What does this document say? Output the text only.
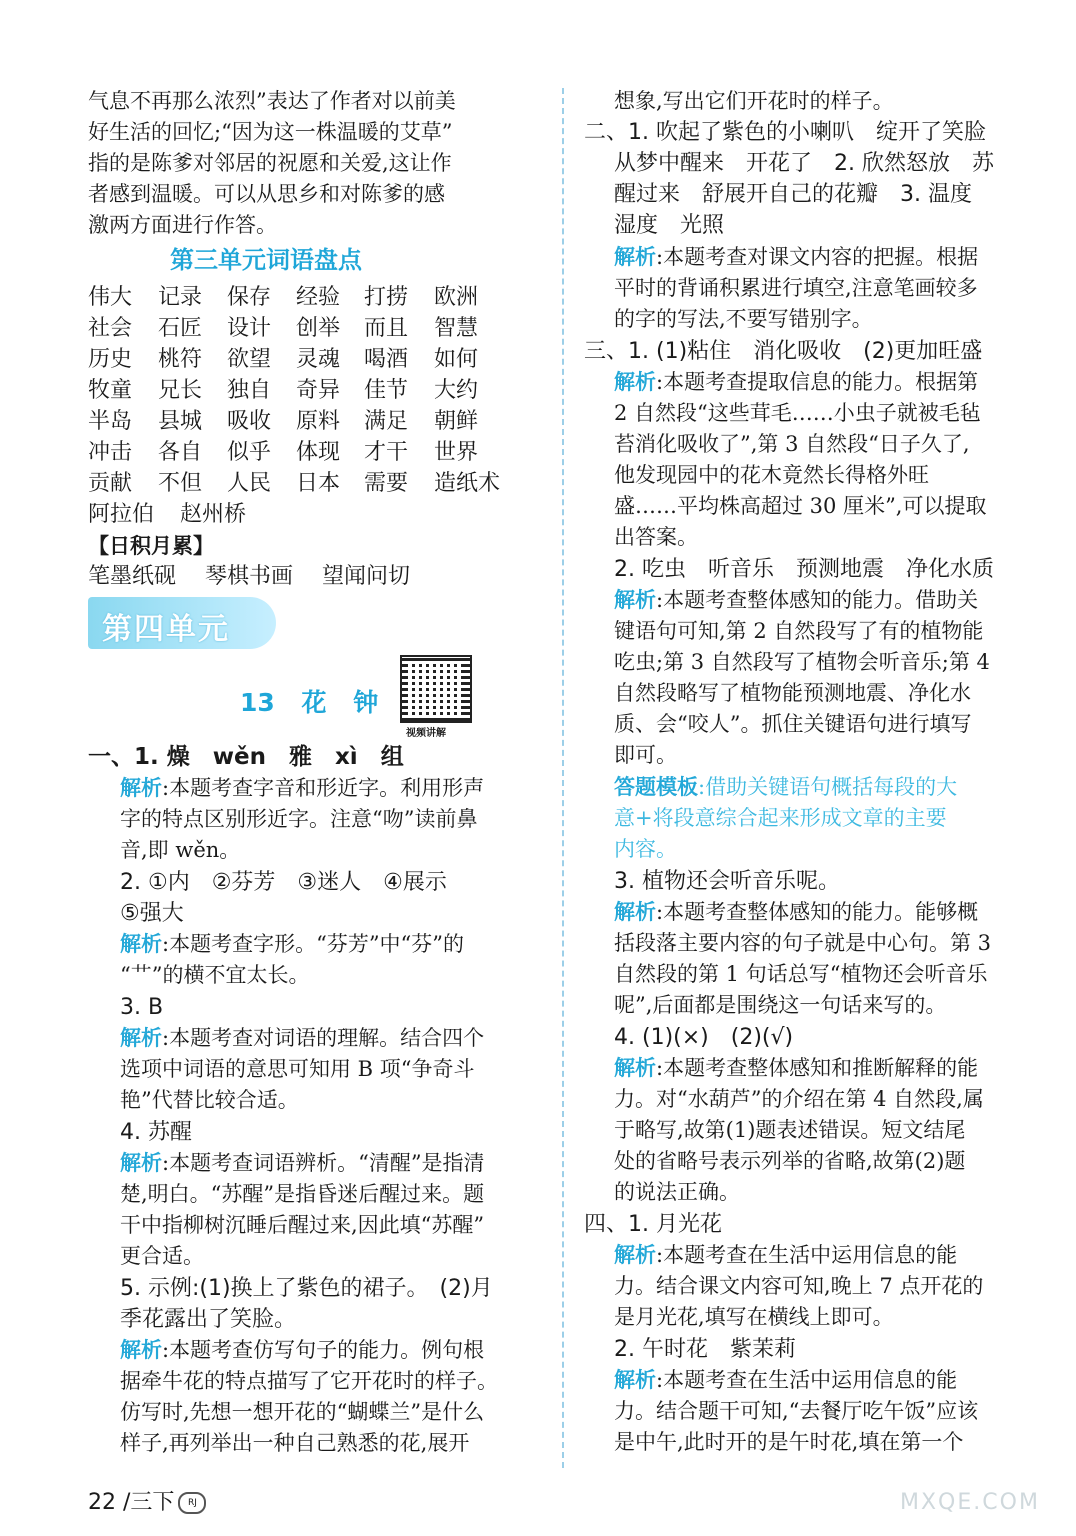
气息不再那么浓烈”表达了作者对以前美
好生活的回忆;“因为这一株温暖的艾草”
指的是陈爹对邻居的祝愿和关爱,这让作
者感到温暖。可以从思乡和对陈爹的感
激两方面进行作答。
第三单元词语盘点
伟大 记录 保存 经验 打捞 欧洲
社会 石匠 设计 创举 而且 智慧
历史 桃符 欲望 灵魂 喝酒 如何
牧童 兄长 独自 奇异 佳节 大约
半岛 县城 吸收 原料 满足 朝鲜
冲击 各自 似乎 体现 才干 世界
贡献 不但 人民 日本 需要 造纸术
阿拉伯 赵州桥
【日积月累】
笔墨纸砚　 琴棋书画　 望闻问切
第四单元
13 花 钟
视频讲解
一、1. 燥　wěn　雅　xì　组
解析:本题考查字音和形近字。利用形声
字的特点区别形近字。注意“吻”读前鼻
音,即 wěn。
2. ①内　②芬芳　③迷人　④展示
⑤强大
解析:本题考查字形。“芬芳”中“芬”的
“艹”的横不宜太长。
3. B
解析:本题考查对词语的理解。结合四个
选项中词语的意思可知用 B 项“争奇斗
艳”代替比较合适。
4. 苏醒
解析:本题考查词语辨析。“清醒”是指清
楚,明白。“苏醒”是指昏迷后醒过来。题
干中指柳树沉睡后醒过来,因此填“苏醒”
更合适。
5. 示例:(1)换上了紫色的裙子。　(2)月
季花露出了笑脸。
解析:本题考查仿写句子的能力。例句根
据牵牛花的特点描写了它开花时的样子。
仿写时,先想一想开花的“蝴蝶兰”是什么
样子,再列举出一种自己熟悉的花,展开
想象,写出它们开花时的样子。
二、1. 吹起了紫色的小喇叭　绽开了笑脸
从梦中醒来　开花了　2. 欣然怒放　苏
醒过来　舒展开自己的花瓣　3. 温度
湿度　光照
解析:本题考查对课文内容的把握。根据
平时的背诵积累进行填空,注意笔画较多
的字的写法,不要写错别字。
三、1. (1)粘住　消化吸收　(2)更加旺盛
解析:本题考查提取信息的能力。根据第
2 自然段“这些茸毛……小虫子就被毛毡
苔消化吸收了”,第 3 自然段“日子久了,
他发现园中的花木竟然长得格外旺
盛……平均株高超过 30 厘米”,可以提取
出答案。
2. 吃虫　听音乐　预测地震　净化水质
解析:本题考查整体感知的能力。借助关
键语句可知,第 2 自然段写了有的植物能
吃虫;第 3 自然段写了植物会听音乐;第 4
自然段略写了植物能预测地震、净化水
质、会“咬人”。抓住关键语句进行填写
即可。
答题模板:借助关键语句概括每段的大
意+将段意综合起来形成文章的主要
内容。
3. 植物还会听音乐呢。
解析:本题考查整体感知的能力。能够概
括段落主要内容的句子就是中心句。第 3
自然段的第 1 句话总写“植物还会听音乐
呢”,后面都是围绕这一句话来写的。
4. (1)(×)　(2)(√)
解析:本题考查整体感知和推断解释的能
力。对“水葫芦”的介绍在第 4 自然段,属
于略写,故第(1)题表述错误。短文结尾
处的省略号表示列举的省略,故第(2)题
的说法正确。
四、1. 月光花
解析:本题考查在生活中运用信息的能
力。结合课文内容可知,晚上 7 点开花的
是月光花,填写在横线上即可。
2. 午时花　紫茉莉
解析:本题考查在生活中运用信息的能
力。结合题干可知,“去餐厅吃午饭”应该
是中午,此时开的是午时花,填在第一个
22 /三下 RJ	MXQE.COM
